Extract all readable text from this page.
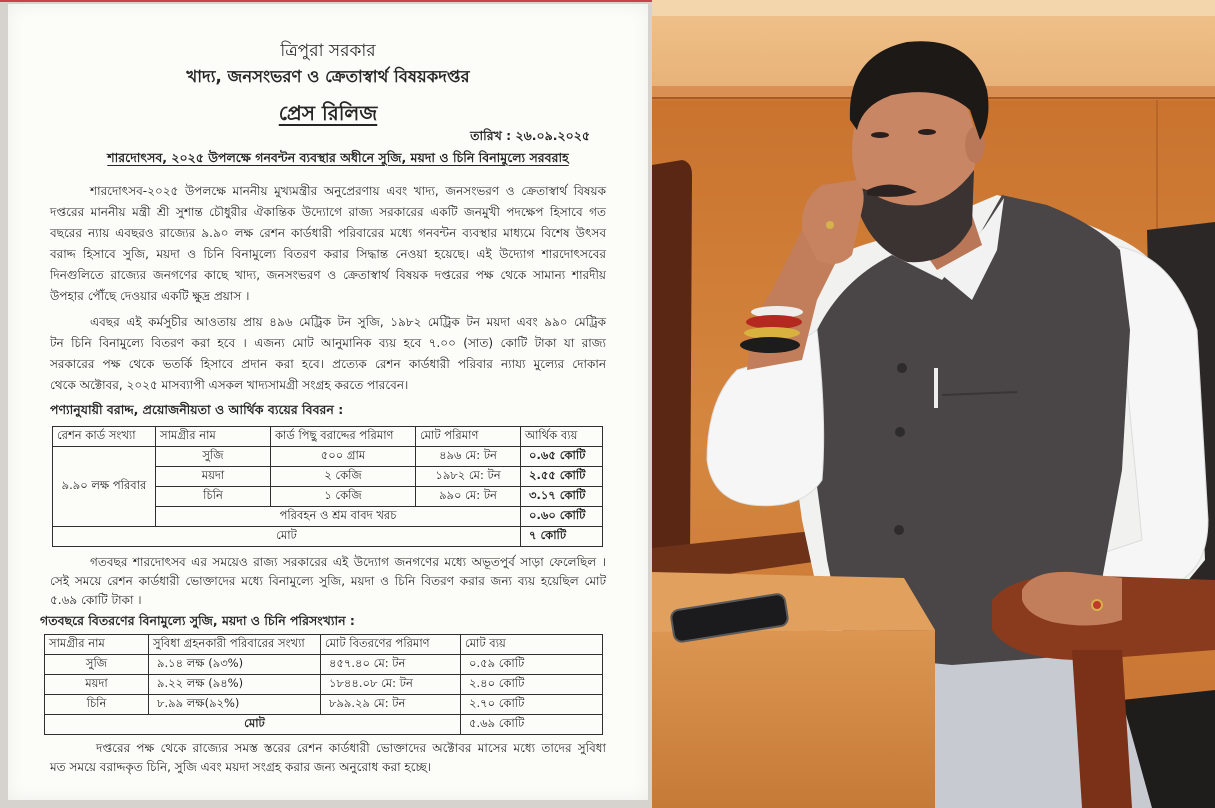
ত্রিপুরা সরকার
খাদ্য, জনসংভরণ ও ক্রেতাস্বার্থ বিষয়কদপ্তর
প্রেস রিলিজ
তারিখ : ২৬.০৯.২০২৫
শারদোৎসব, ২০২৫ উপলক্ষে গনবন্টন ব্যবস্থার অধীনে সুজি, ময়দা ও চিনি বিনামুল্যে সরবরাহ
শারদোৎসব-২০২৫ উপলক্ষে মাননীয় মুখ্যমন্ত্রীর অনুপ্রেরণায় এবং খাদ্য, জনসংভরণ ও ক্রেতাস্বার্থ বিষয়ক
দপ্তরের মাননীয় মন্ত্রী শ্রী সুশান্ত চৌধুরীর ঐকান্তিক উদ্যোগে রাজ্য সরকারের একটি জনমুখী পদক্ষেপ হিসাবে গত
বছরের ন্যায় এবছরও রাজ্যের ৯.৯০ লক্ষ রেশন কার্ডধারী পরিবারের মধ্যে গনবন্টন ব্যবস্থার মাধ্যমে বিশেষ উৎসব
বরাদ্দ হিসাবে সুজি, ময়দা ও চিনি বিনামুল্যে বিতরণ করার সিদ্ধান্ত নেওয়া হয়েছে। এই উদ্যোগ শারদোৎসবের
দিনগুলিতে রাজ্যের জনগণের কাছে খাদ্য, জনসংভরণ ও ক্রেতাস্বার্থ বিষয়ক দপ্তরের পক্ষ থেকে সামান্য শারদীয়
উপহার পৌঁছে দেওয়ার একটি ক্ষুদ্র প্রয়াস ।
এবছর এই কর্মসুচীর আওতায় প্রায় ৪৯৬ মেট্রিক টন সুজি, ১৯৮২ মেট্রিক টন ময়দা এবং ৯৯০ মেট্রিক
টন চিনি বিনামুল্যে বিতরণ করা হবে । এজন্য মোট আনুমানিক ব্যয় হবে ৭.০০ (সাত) কোটি টাকা যা রাজ্য
সরকারের পক্ষ থেকে ভতর্কি হিসাবে প্রদান করা হবে। প্রত্যেক রেশন কার্ডধারী পরিবার ন্যায্য মুল্যের দোকান
থেকে অক্টোবর, ২০২৫ মাসব্যাপী এসকল খাদ্যসামগ্রী সংগ্রহ করতে পারবেন।
পণ্যানুযায়ী বরাদ্দ, প্রয়োজনীয়তা ও আর্থিক ব্যয়ের বিবরন :
রেশন কার্ড সংখ্যা	সামগ্রীর নাম	কার্ড পিছু বরাদ্দের পরিমাণ	মোট পরিমাণ	আর্থিক ব্যয়
৯.৯০ লক্ষ পরিবার	সুজি	৫০০ গ্রাম	৪৯৬ মে: টন	০.৬৫ কোটি
	ময়দা	২ কেজি	১৯৮২ মে: টন	২.৫৫ কোটি
	চিনি	১ কেজি	৯৯০ মে: টন	৩.১৭ কোটি
	পরিবহন ও শ্রম বাবদ খরচ			০.৬০ কোটি
মোট				৭ কোটি
গতবছর শারদোৎসব এর সময়েও রাজ্য সরকারের এই উদ্যোগ জনগণের মধ্যে অভূতপুর্ব সাড়া ফেলেছিল ।
সেই সময়ে রেশন কার্ডধারী ভোক্তাদের মধ্যে বিনামুল্যে সুজি, ময়দা ও চিনি বিতরণ করার জন্য ব্যয় হয়েছিল মোট
৫.৬৯ কোটি টাকা ।
গতবছরে বিতরণের বিনামুল্যে সুজি, ময়দা ও চিনি পরিসংখ্যান :
সামগ্রীর নাম	সুবিধা গ্রহনকারী পরিবারের সংখ্যা	মোট বিতরণের পরিমাণ	মোট ব্যয়
সুজি	৯.১৪ লক্ষ (৯৩%)	৪৫৭.৪০ মে: টন	০.৫৯ কোটি
ময়দা	৯.২২ লক্ষ (৯৪%)	১৮৪৪.০৮ মে: টন	২.৪০ কোটি
চিনি	৮.৯৯ লক্ষ(৯২%)	৮৯৯.২৯ মে: টন	২.৭০ কোটি
মোট			৫.৬৯ কোটি
দপ্তরের পক্ষ থেকে রাজ্যের সমস্ত স্তরের রেশন কার্ডধারী ভোক্তাদের অক্টোবর মাসের মধ্যে তাদের সুবিধা
মত সময়ে বরাদ্দকৃত চিনি, সুজি এবং ময়দা সংগ্রহ করার জন্য অনুরোধ করা হচ্ছে।
